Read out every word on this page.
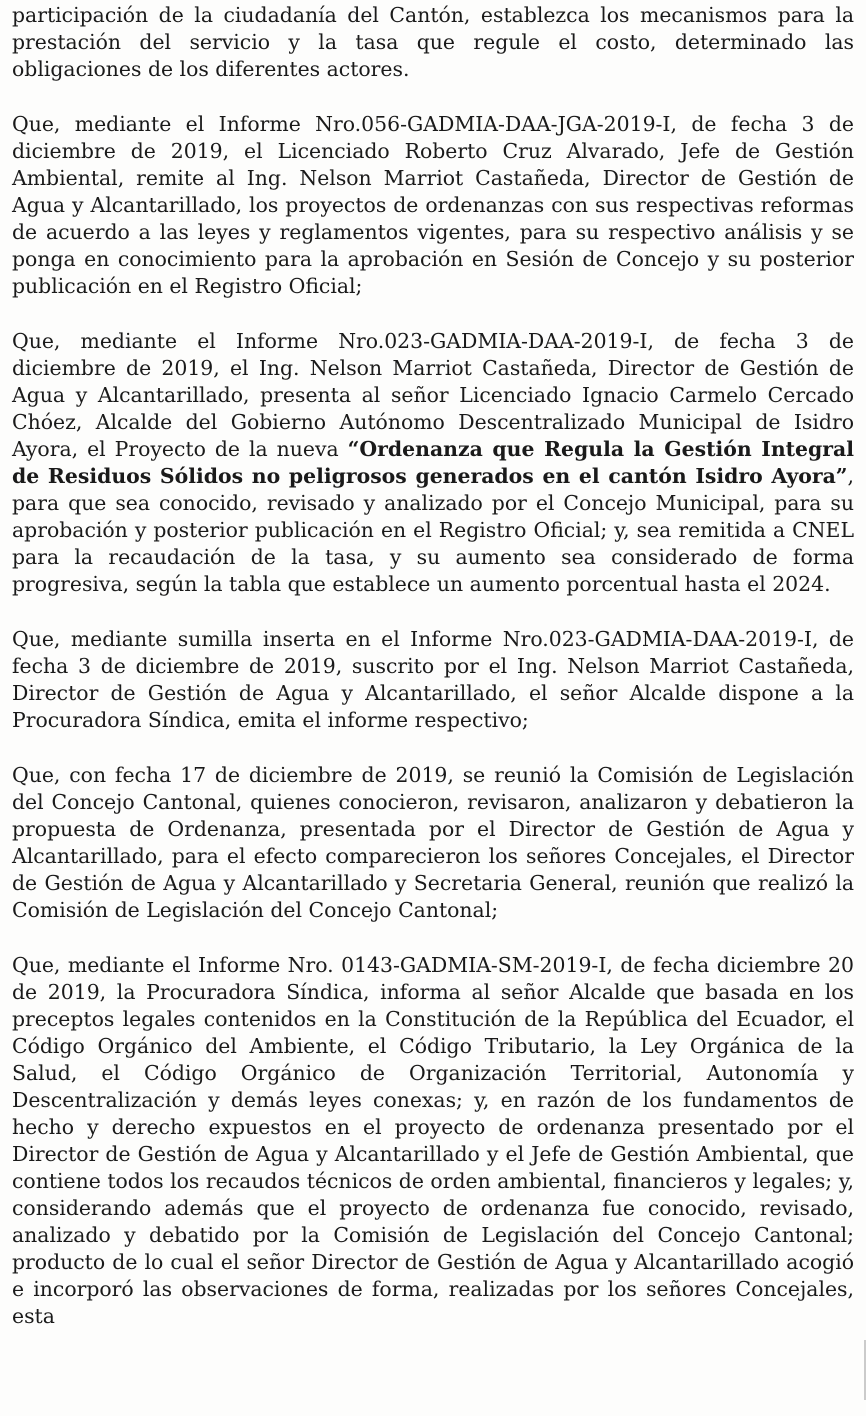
participación de la ciudadanía del Cantón, establezca los mecanismos para la prestación del servicio y la tasa que regule el costo, determinado las obligaciones de los diferentes actores.

Que, mediante el Informe Nro.056-GADMIA-DAA-JGA-2019-I, de fecha 3 de diciembre de 2019, el Licenciado Roberto Cruz Alvarado, Jefe de Gestión Ambiental, remite al Ing. Nelson Marriot Castañeda, Director de Gestión de Agua y Alcantarillado, los proyectos de ordenanzas con sus respectivas reformas de acuerdo a las leyes y reglamentos vigentes, para su respectivo análisis y se ponga en conocimiento para la aprobación en Sesión de Concejo y su posterior publicación en el Registro Oficial;

Que, mediante el Informe Nro.023-GADMIA-DAA-2019-I, de fecha 3 de diciembre de 2019, el Ing. Nelson Marriot Castañeda, Director de Gestión de Agua y Alcantarillado, presenta al señor Licenciado Ignacio Carmelo Cercado Chóez, Alcalde del Gobierno Autónomo Descentralizado Municipal de Isidro Ayora, el Proyecto de la nueva “Ordenanza que Regula la Gestión Integral de Residuos Sólidos no peligrosos generados en el cantón Isidro Ayora”, para que sea conocido, revisado y analizado por el Concejo Municipal, para su aprobación y posterior publicación en el Registro Oficial; y, sea remitida a CNEL para la recaudación de la tasa, y su aumento sea considerado de forma progresiva, según la tabla que establece un aumento porcentual hasta el 2024.

Que, mediante sumilla inserta en el Informe Nro.023-GADMIA-DAA-2019-I, de fecha 3 de diciembre de 2019, suscrito por el Ing. Nelson Marriot Castañeda, Director de Gestión de Agua y Alcantarillado, el señor Alcalde dispone a la Procuradora Síndica, emita el informe respectivo;

Que, con fecha 17 de diciembre de 2019, se reunió la Comisión de Legislación del Concejo Cantonal, quienes conocieron, revisaron, analizaron y debatieron la propuesta de Ordenanza, presentada por el Director de Gestión de Agua y Alcantarillado, para el efecto comparecieron los señores Concejales, el Director de Gestión de Agua y Alcantarillado y Secretaria General, reunión que realizó la Comisión de Legislación del Concejo Cantonal;

Que, mediante el Informe Nro. 0143-GADMIA-SM-2019-I, de fecha diciembre 20 de 2019, la Procuradora Síndica, informa al señor Alcalde que basada en los preceptos legales contenidos en la Constitución de la República del Ecuador, el Código Orgánico del Ambiente, el Código Tributario, la Ley Orgánica de la Salud, el Código Orgánico de Organización Territorial, Autonomía y Descentralización y demás leyes conexas; y, en razón de los fundamentos de hecho y derecho expuestos en el proyecto de ordenanza presentado por el Director de Gestión de Agua y Alcantarillado y el Jefe de Gestión Ambiental, que contiene todos los recaudos técnicos de orden ambiental, financieros y legales; y, considerando además que el proyecto de ordenanza fue conocido, revisado, analizado y debatido por la Comisión de Legislación del Concejo Cantonal; producto de lo cual el señor Director de Gestión de Agua y Alcantarillado acogió e incorporó las observaciones de forma, realizadas por los señores Concejales, esta
